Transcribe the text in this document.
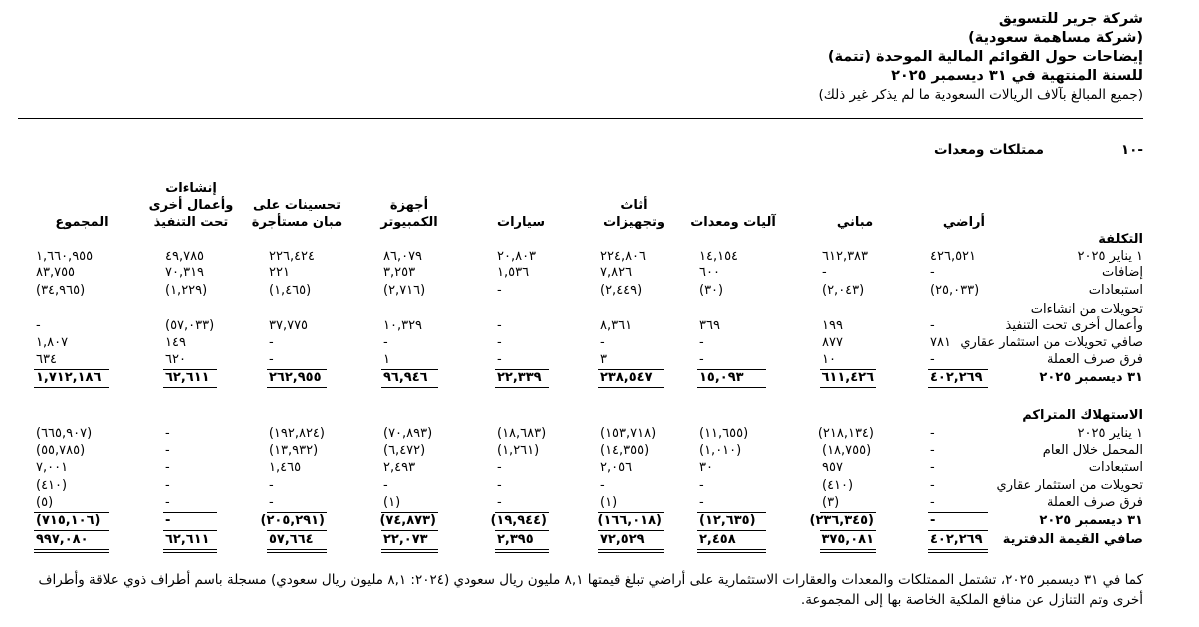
شركة جرير للتسويق
(شركة مساهمة سعودية)
إيضاحات حول القوائم المالية الموحدة (تتمة)
للسنة المنتهية في ٣١ ديسمبر ٢٠٢٥
(جميع المبالغ بآلاف الريالات السعودية ما لم يذكر غير ذلك)
-١٠
ممتلكات ومعدات
أراضي
مباني
آليات ومعدات
أثاث
وتجهيزات
سيارات
أجهزة
الكمبيوتر
تحسينات على
مبان مستأجرة
إنشاءات
وأعمال أخرى
تحت التنفيذ
المجموع
التكلفة
١ يناير ٢٠٢٥
٤٢٦,٥٢١
٦١٢,٣٨٣
١٤,١٥٤
٢٢٤,٨٠٦
٢٠,٨٠٣
٨٦,٠٧٩
٢٢٦,٤٢٤
٤٩,٧٨٥
١,٦٦٠,٩٥٥
إضافات
-
-
٦٠٠
٧,٨٢٦
١,٥٣٦
٣,٢٥٣
٢٢١
٧٠,٣١٩
٨٣,٧٥٥
استبعادات
(٢٥,٠٣٣)
(٢,٠٤٣)
(٣٠)
(٢,٤٤٩)
-
(٢,٧١٦)
(١,٤٦٥)
(١,٢٢٩)
(٣٤,٩٦٥)
تحويلات من انشاءات
وأعمال أخرى تحت التنفيذ
-
١٩٩
٣٦٩
٨,٣٦١
-
١٠,٣٢٩
٣٧,٧٧٥
(٥٧,٠٣٣)
-
صافي تحويلات من استثمار عقاري
٧٨١
٨٧٧
-
-
-
-
-
١٤٩
١,٨٠٧
فرق صرف العملة
-
١٠
-
٣
-
١
-
٦٢٠
٦٣٤
٣١ ديسمبر ٢٠٢٥
٤٠٢,٢٦٩
٦١١,٤٢٦
١٥,٠٩٣
٢٣٨,٥٤٧
٢٢,٣٣٩
٩٦,٩٤٦
٢٦٢,٩٥٥
٦٢,٦١١
١,٧١٢,١٨٦
الاستهلاك المتراكم
١ يناير ٢٠٢٥
-
(٢١٨,١٣٤)
(١١,٦٥٥)
(١٥٣,٧١٨)
(١٨,٦٨٣)
(٧٠,٨٩٣)
(١٩٢,٨٢٤)
-
(٦٦٥,٩٠٧)
المحمل خلال العام
-
(١٨,٧٥٥)
(١,٠١٠)
(١٤,٣٥٥)
(١,٢٦١)
(٦,٤٧٢)
(١٣,٩٣٢)
-
(٥٥,٧٨٥)
استبعادات
-
٩٥٧
٣٠
٢,٠٥٦
-
٢,٤٩٣
١,٤٦٥
-
٧,٠٠١
تحويلات من استثمار عقاري
-
(٤١٠)
-
-
-
-
-
-
(٤١٠)
فرق صرف العملة
-
(٣)
-
(١)
-
(١)
-
-
(٥)
٣١ ديسمبر ٢٠٢٥
-
(٢٣٦,٣٤٥)
(١٢,٦٣٥)
(١٦٦,٠١٨)
(١٩,٩٤٤)
(٧٤,٨٧٣)
(٢٠٥,٢٩١)
-
(٧١٥,١٠٦)
صافي القيمة الدفترية
٤٠٢,٢٦٩
٣٧٥,٠٨١
٢,٤٥٨
٧٢,٥٢٩
٢,٣٩٥
٢٢,٠٧٣
٥٧,٦٦٤
٦٢,٦١١
٩٩٧,٠٨٠
كما في ٣١ ديسمبر ٢٠٢٥، تشتمل الممتلكات والمعدات والعقارات الاستثمارية على أراضي تبلغ قيمتها ٨,١ مليون ريال سعودي (٢٠٢٤: ٨,١ مليون ريال سعودي) مسجلة باسم أطراف ذوي علاقة وأطراف أخرى وتم التنازل عن منافع الملكية الخاصة بها إلى المجموعة.
